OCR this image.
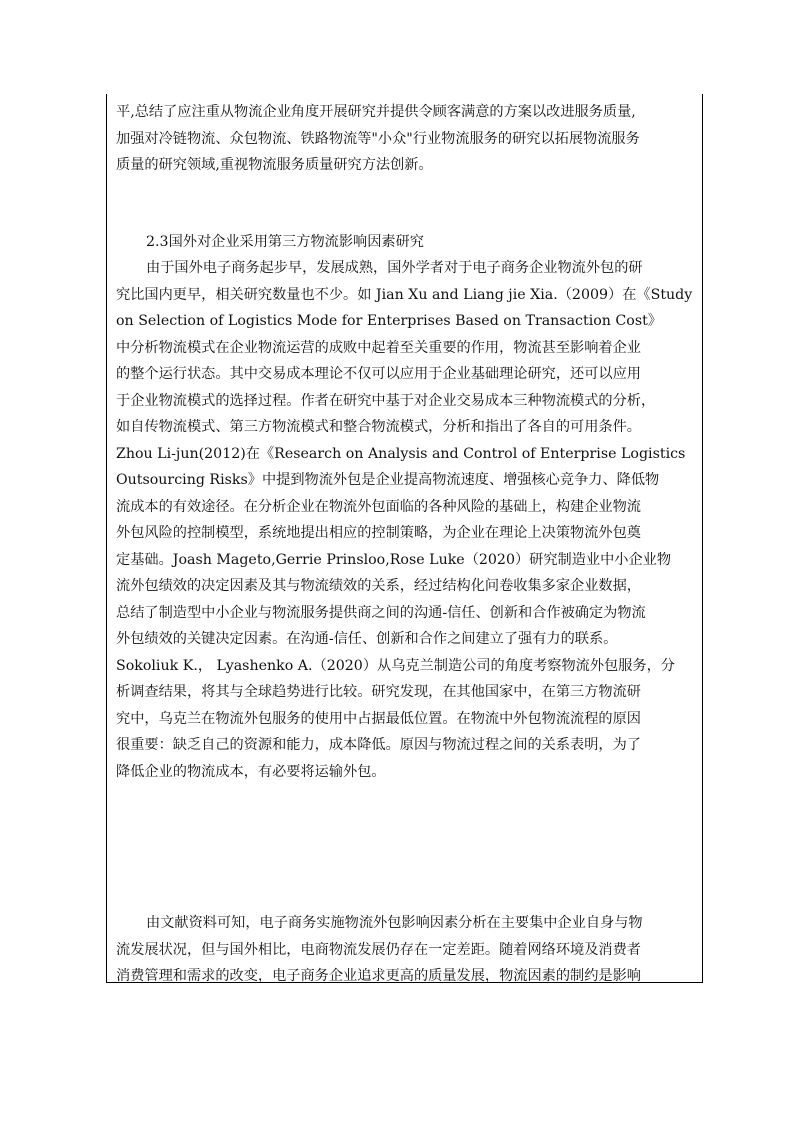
平,总结了应注重从物流企业角度开展研究并提供令顾客满意的方案以改进服务质量,
加强对冷链物流、众包物流、铁路物流等"小众"行业物流服务的研究以拓展物流服务
质量的研究领域,重视物流服务质量研究方法创新。
2.3国外对企业采用第三方物流影响因素研究
由于国外电子商务起步早，发展成熟，国外学者对于电子商务企业物流外包的研
究比国内更早，相关研究数量也不少。如 Jian Xu and Liang jie Xia.（2009）在《Study
on Selection of Logistics Mode for Enterprises Based on Transaction Cost》
中分析物流模式在企业物流运营的成败中起着至关重要的作用，物流甚至影响着企业
的整个运行状态。其中交易成本理论不仅可以应用于企业基础理论研究，还可以应用
于企业物流模式的选择过程。作者在研究中基于对企业交易成本三种物流模式的分析，
如自传物流模式、第三方物流模式和整合物流模式，分析和指出了各自的可用条件。
Zhou Li-jun(2012)在《Research on Analysis and Control of Enterprise Logistics
Outsourcing Risks》中提到物流外包是企业提高物流速度、增强核心竞争力、降低物
流成本的有效途径。在分析企业在物流外包面临的各种风险的基础上，构建企业物流
外包风险的控制模型，系统地提出相应的控制策略，为企业在理论上决策物流外包奠
定基础。Joash Mageto,Gerrie Prinsloo,Rose Luke（2020）研究制造业中小企业物
流外包绩效的决定因素及其与物流绩效的关系，经过结构化问卷收集多家企业数据，
总结了制造型中小企业与物流服务提供商之间的沟通-信任、创新和合作被确定为物流
外包绩效的关键决定因素。在沟通-信任、创新和合作之间建立了强有力的联系。
Sokoliuk K.， Lyashenko A.（2020）从乌克兰制造公司的角度考察物流外包服务，分
析调查结果，将其与全球趋势进行比较。研究发现，在其他国家中，在第三方物流研
究中，乌克兰在物流外包服务的使用中占据最低位置。在物流中外包物流流程的原因
很重要：缺乏自己的资源和能力，成本降低。原因与物流过程之间的关系表明，为了
降低企业的物流成本，有必要将运输外包。
由文献资料可知，电子商务实施物流外包影响因素分析在主要集中企业自身与物
流发展状况，但与国外相比，电商物流发展仍存在一定差距。随着网络环境及消费者
消费管理和需求的改变，电子商务企业追求更高的质量发展，物流因素的制约是影响
